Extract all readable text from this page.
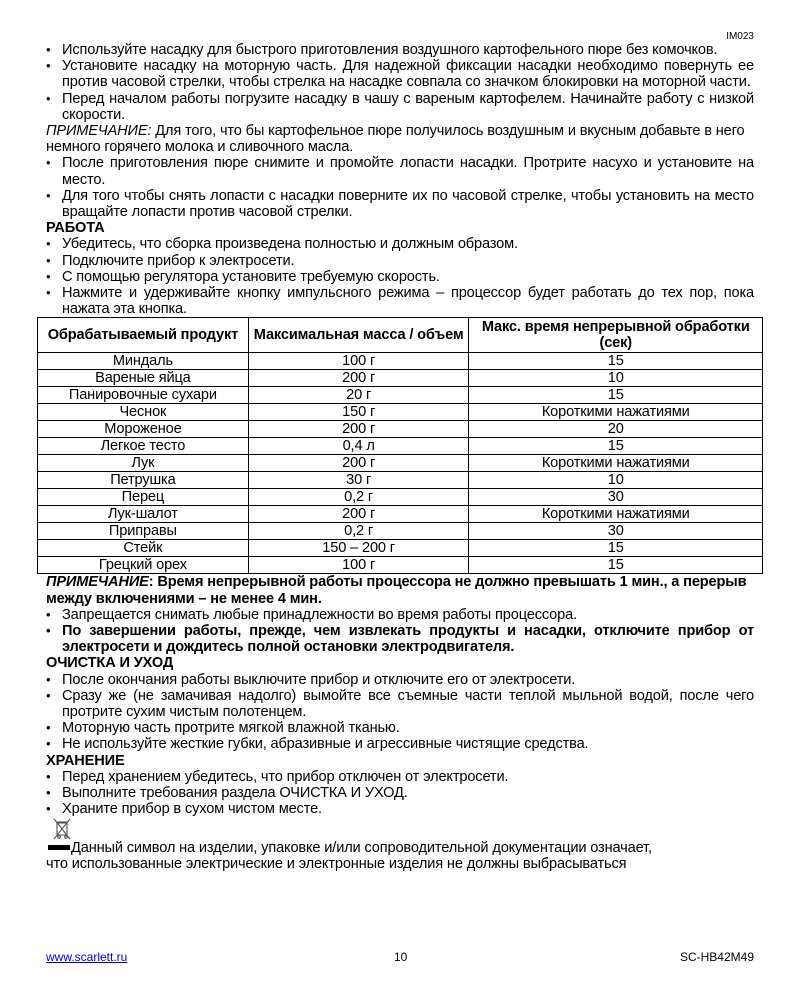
IM023
• Используйте насадку для быстрого приготовления воздушного картофельного пюре без комочков.
• Установите насадку на моторную часть. Для надежной фиксации насадки необходимо повернуть ее против часовой стрелки, чтобы стрелка на насадке совпала со значком блокировки на моторной части.
• Перед началом работы погрузите насадку в чашу с вареным картофелем. Начинайте работу с низкой скорости.
ПРИМЕЧАНИЕ: Для того, что бы картофельное пюре получилось воздушным и вкусным добавьте в него немного горячего молока и сливочного масла.
• После приготовления пюре снимите и промойте лопасти насадки. Протрите насухо и установите на место.
• Для того чтобы снять лопасти с насадки поверните их по часовой стрелке, чтобы установить на место вращайте лопасти против часовой стрелки.
РАБОТА
• Убедитесь, что сборка произведена полностью и должным образом.
• Подключите прибор к электросети.
• С помощью регулятора установите требуемую скорость.
• Нажмите и удерживайте кнопку импульсного режима – процессор будет работать до тех пор, пока нажата эта кнопка.
Обрабатываемый продукт	Максимальная масса / объем	Макс. время непрерывной обработки (сек)
Миндаль	100 г	15
Вареные яйца	200 г	10
Панировочные сухари	20 г	15
Чеснок	150 г	Короткими нажатиями
Мороженое	200 г	20
Легкое тесто	0,4 л	15
Лук	200 г	Короткими нажатиями
Петрушка	30 г	10
Перец	0,2 г	30
Лук-шалот	200 г	Короткими нажатиями
Приправы	0,2 г	30
Стейк	150 – 200 г	15
Грецкий орех	100 г	15
ПРИМЕЧАНИЕ: Время непрерывной работы процессора не должно превышать 1 мин., а перерыв между включениями – не менее 4 мин.
• Запрещается снимать любые принадлежности во время работы процессора.
• По завершении работы, прежде, чем извлекать продукты и насадки, отключите прибор от электросети и дождитесь полной остановки электродвигателя.
ОЧИСТКА И УХОД
• После окончания работы выключите прибор и отключите его от электросети.
• Сразу же (не замачивая надолго) вымойте все съемные части теплой мыльной водой, после чего протрите сухим чистым полотенцем.
• Моторную часть протрите мягкой влажной тканью.
• Не используйте жесткие губки, абразивные и агрессивные чистящие средства.
ХРАНЕНИЕ
• Перед хранением убедитесь, что прибор отключен от электросети.
• Выполните требования раздела ОЧИСТКА И УХОД.
• Храните прибор в сухом чистом месте.
Данный символ на изделии, упаковке и/или сопроводительной документации означает,
что использованные электрические и электронные изделия не должны выбрасываться
www.scarlett.ru	10	SC-HB42M49
